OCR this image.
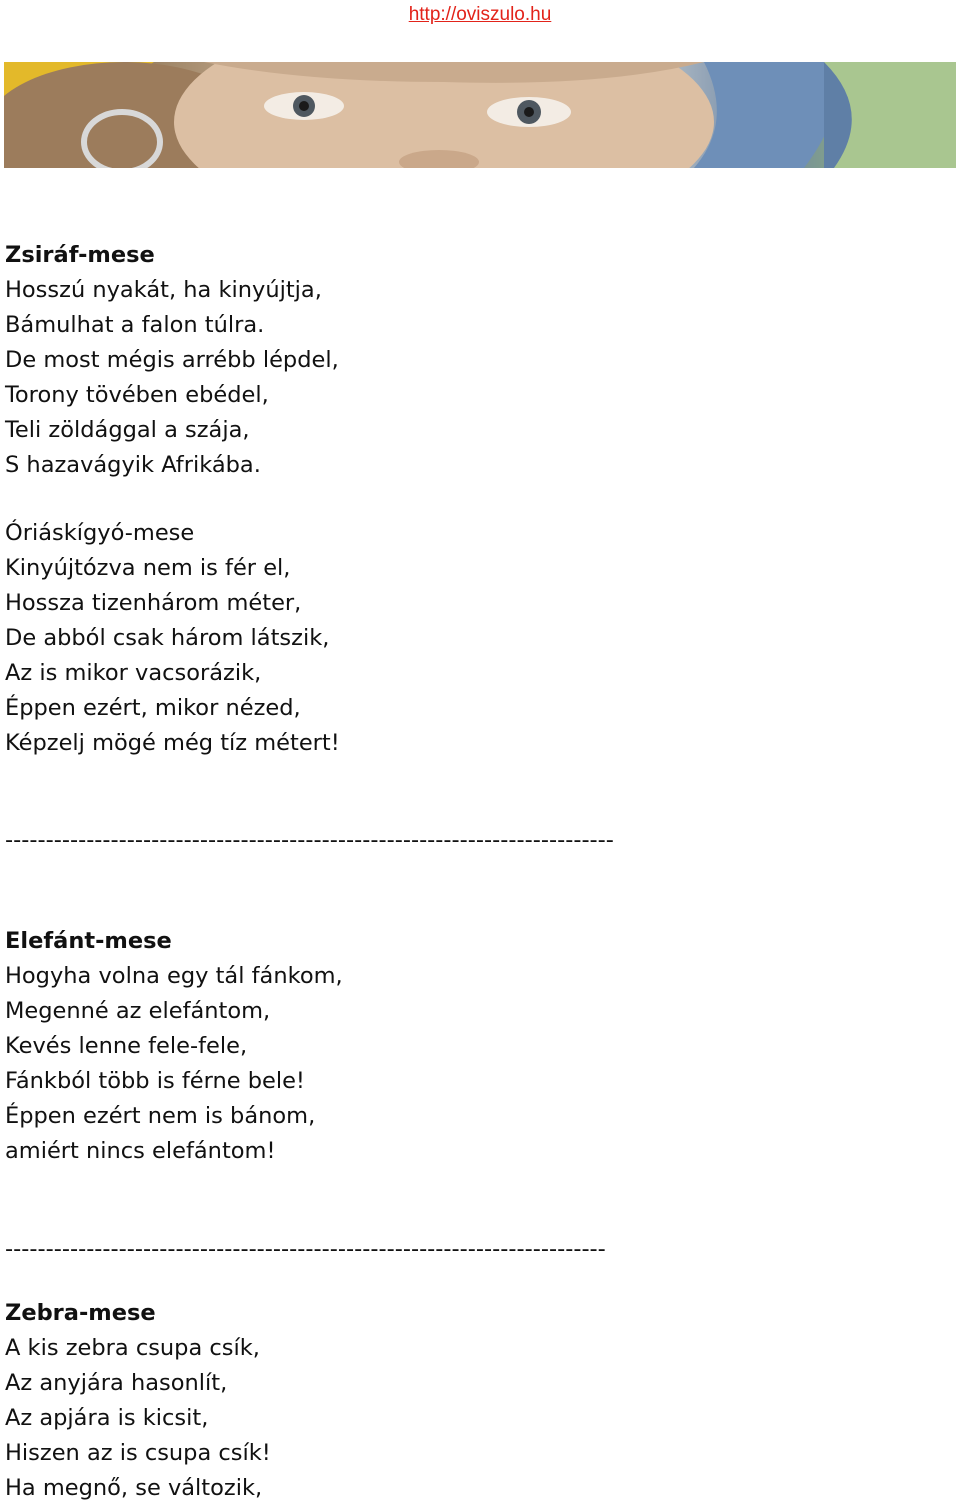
http://oviszulo.hu
Zsiráf-mese
Hosszú nyakát, ha kinyújtja,
Bámulhat a falon túlra.
De most mégis arrébb lépdel,
Torony tövében ebédel,
Teli zöldággal a szája,
S hazavágyik Afrikába.
Óriáskígyó-mese
Kinyújtózva nem is fér el,
Hossza tizenhárom méter,
De abból csak három látszik,
Az is mikor vacsorázik,
Éppen ezért, mikor nézed,
Képzelj mögé még tíz métert!
---------------------------------------------------------------------------
Elefánt-mese
Hogyha volna egy tál fánkom,
Megenné az elefántom,
Kevés lenne fele-fele,
Fánkból több is férne bele!
Éppen ezért nem is bánom,
amiért nincs elefántom!
--------------------------------------------------------------------------
Zebra-mese
A kis zebra csupa csík,
Az anyjára hasonlít,
Az apjára is kicsit,
Hiszen az is csupa csík!
Ha megnő, se változik,
